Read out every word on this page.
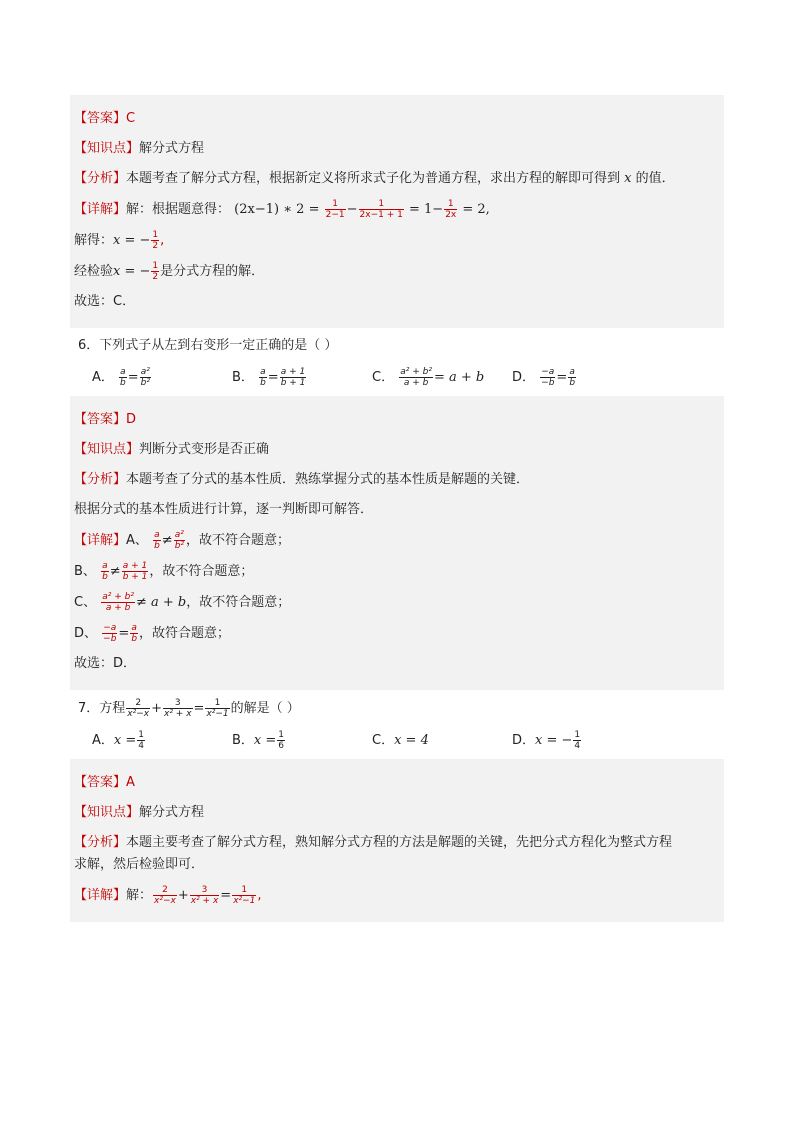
【答案】C
【知识点】解分式方程
【分析】本题考查了解分式方程，根据新定义将所求式子化为普通方程，求出方程的解即可得到 x 的值．
【详解】解：根据题意得： (2x−1) ∗ $2 = \frac{1}{2-1} - \frac{1}{2x-1 + 1} = 1- \frac{1}{2x} = 2$,
解得：x = − $\frac{1}{2}$ ,
经检验x = − $\frac{1}{2}$ 是分式方程的解．
故选：C．
6．下列式子从左到右变形一定正确的是（ ）
A． $\frac{a}{b} = \frac{\text{a²}}{\text{b²}}$	B． $\frac{a}{b} = \frac{a + 1}{b + 1}$	C． $\frac{\text{a² + b²}}{a + b} = a + b$	D． $\frac{-a}{-b} = \frac{a}{b}$
【答案】D
【知识点】判断分式变形是否正确
【分析】本题考查了分式的基本性质．熟练掌握分式的基本性质是解题的关键．
根据分式的基本性质进行计算，逐一判断即可解答．
【详解】A、 $\frac{a}{b} \ne \frac{\text{a²}}{\text{b²}}$ ，故不符合题意；
B、 $\frac{a}{b} \ne \frac{a + 1}{b + 1}$ ，故不符合题意；
C、 $\frac{\text{a² + b²}}{a + b} \ne a + b$，故不符合题意；
D、 $\frac{-a}{-b} = \frac{a}{b}$ ，故符合题意；
故选：D．
7．方程 $\frac{2}{\text{x²−x}} + \frac{3}{\text{x² + x}} = \frac{1}{\text{x²−1}}$ 的解是（ ）
A．$x = \frac{1}{4}$	B．$x = \frac{1}{6}$	C．x = 4	D．x = − $\frac{1}{4}$
【答案】A
【知识点】解分式方程
【分析】本题主要考查了解分式方程，熟知解分式方程的方法是解题的关键，先把分式方程化为整式方程
求解，然后检验即可．
【详解】解： $\frac{2}{\text{x²−x}} + \frac{3}{\text{x² + x}} = \frac{1}{\text{x²−1}}$ ,
